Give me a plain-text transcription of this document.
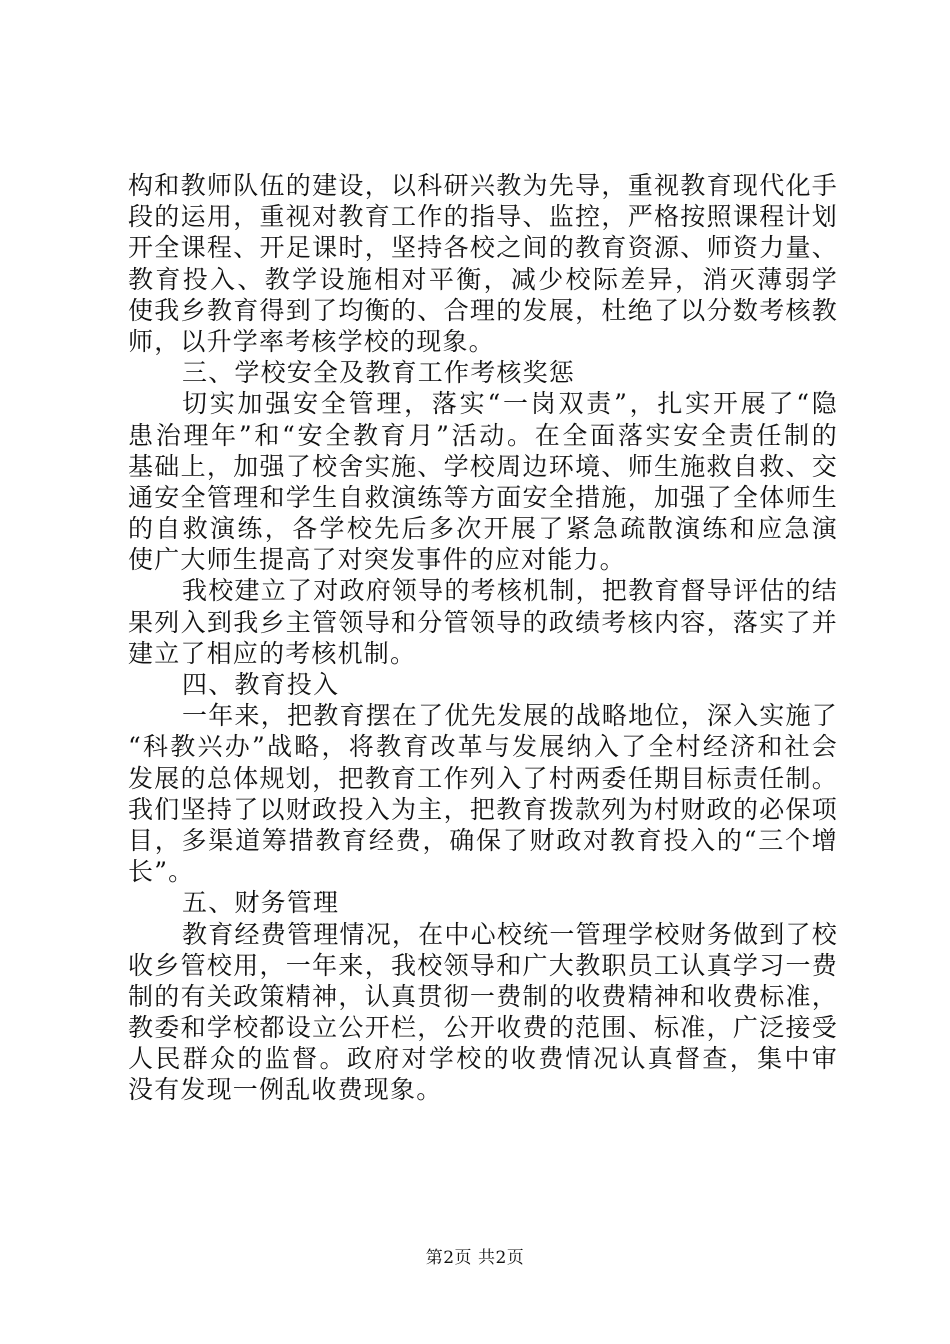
构和教师队伍的建设，以科研兴教为先导，重视教育现代化手
段的运用，重视对教育工作的指导、监控，严格按照课程计划
开全课程、开足课时，坚持各校之间的教育资源、师资力量、
教育投入、教学设施相对平衡，减少校际差异，消灭薄弱学
使我乡教育得到了均衡的、合理的发展，杜绝了以分数考核教
师，以升学率考核学校的现象。
三、学校安全及教育工作考核奖惩
切实加强安全管理，落实“一岗双责”，扎实开展了“隐
患治理年”和“安全教育月”活动。在全面落实安全责任制的
基础上，加强了校舍实施、学校周边环境、师生施救自救、交
通安全管理和学生自救演练等方面安全措施，加强了全体师生
的自救演练，各学校先后多次开展了紧急疏散演练和应急演
使广大师生提高了对突发事件的应对能力。
我校建立了对政府领导的考核机制，把教育督导评估的结
果列入到我乡主管领导和分管领导的政绩考核内容，落实了并
建立了相应的考核机制。
四、教育投入
一年来，把教育摆在了优先发展的战略地位，深入实施了
“科教兴办”战略，将教育改革与发展纳入了全村经济和社会
发展的总体规划，把教育工作列入了村两委任期目标责任制。
我们坚持了以财政投入为主，把教育拨款列为村财政的必保项
目，多渠道筹措教育经费，确保了财政对教育投入的“三个增
长”。
五、财务管理
教育经费管理情况，在中心校统一管理学校财务做到了校
收乡管校用，一年来，我校领导和广大教职员工认真学习一费
制的有关政策精神，认真贯彻一费制的收费精神和收费标准，
教委和学校都设立公开栏，公开收费的范围、标准，广泛接受
人民群众的监督。政府对学校的收费情况认真督查，集中审
没有发现一例乱收费现象。
第2页 共2页
